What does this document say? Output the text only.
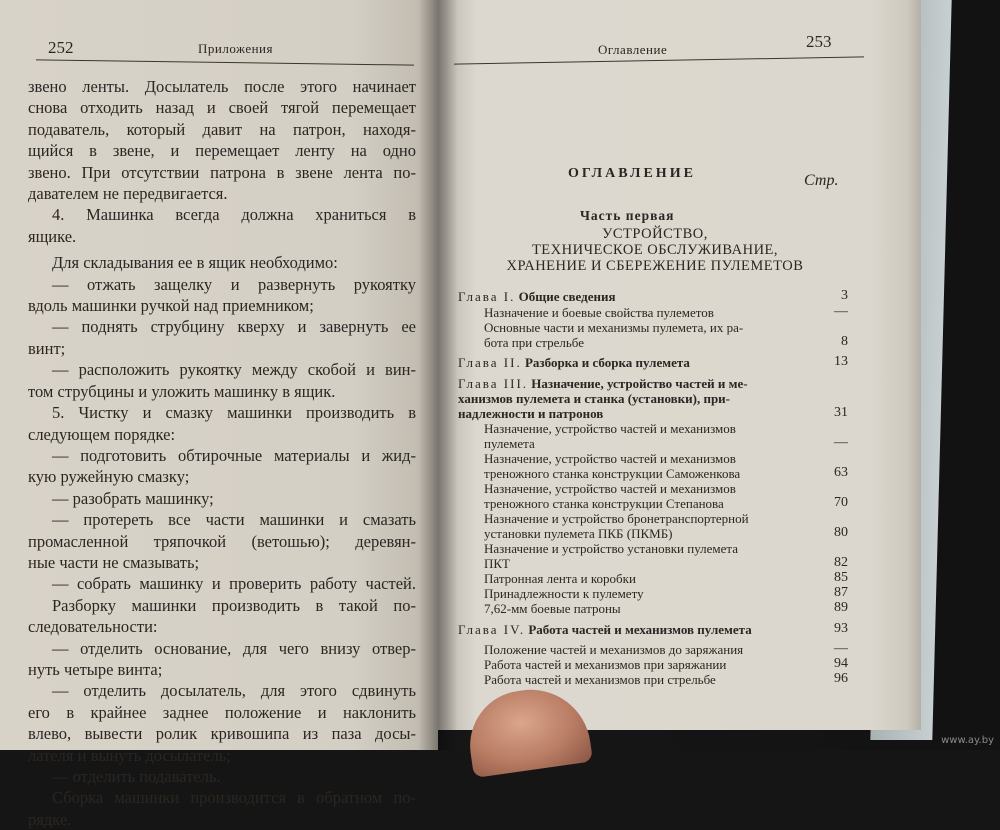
252	Приложения

звено ленты. Досылатель после этого начинает

снова отходить назад и своей тягой перемещает

подаватель, который давит на патрон, находя-

щийся в звене, и перемещает ленту на одно

звено. При отсутствии патрона в звене лента по-

давателем не передвигается.

4. Машинка всегда должна храниться в

ящике.

Для складывания ее в ящик необходимо:

— отжать защелку и развернуть рукоятку

вдоль машинки ручкой над приемником;

— поднять струбцину кверху и завернуть ее

винт;

— расположить рукоятку между скобой и вин-

том струбцины и уложить машинку в ящик.

5. Чистку и смазку машинки производить в

следующем порядке:

— подготовить обтирочные материалы и жид-

кую ружейную смазку;

— разобрать машинку;

— протереть все части машинки и смазать

промасленной тряпочкой (ветошью); деревян-

ные части не смазывать;

— собрать машинку и проверить работу частей.

Разборку машинки производить в такой по-

следовательности:

— отделить основание, для чего внизу отвер-

нуть четыре винта;

— отделить досылатель, для этого сдвинуть

его в крайнее заднее положение и наклонить

влево, вывести ролик кривошипа из паза досы-

лателя и вынуть досылатель;

— отделить подаватель.

Сборка машинки производится в обратном по-

рядке.

Оглавление	253
ОГЛАВЛЕНИЕ	Стр.
Часть первая
УСТРОЙСТВО,
ТЕХНИЧЕСКОЕ ОБСЛУЖИВАНИЕ,
ХРАНЕНИЕ И СБЕРЕЖЕНИЕ ПУЛЕМЕТОВ
Глава I. Общие сведения	3
Назначение и боевые свойства пулеметов	—
Основные части и механизмы пулемета, их ра-
бота при стрельбе	8
Глава II. Разборка и сборка пулемета	13
Глава III. Назначение, устройство частей и ме-
ханизмов пулемета и станка (установки), при-
надлежности и патронов	31
Назначение, устройство частей и механизмов
пулемета	—
Назначение, устройство частей и механизмов
треножного станка конструкции Саможенкова	63
Назначение, устройство частей и механизмов
треножного станка конструкции Степанова	70
Назначение и устройство бронетранспортерной
установки пулемета ПКБ (ПКМБ)	80
Назначение и устройство установки пулемета
ПКТ	82
Патронная лента и коробки	85
Принадлежности к пулемету	87
7,62-мм боевые патроны	89
Глава IV. Работа частей и механизмов пулемета	93
Положение частей и механизмов до заряжания	—
Работа частей и механизмов при заряжании	94
Работа частей и механизмов при стрельбе	96
www.ay.by
